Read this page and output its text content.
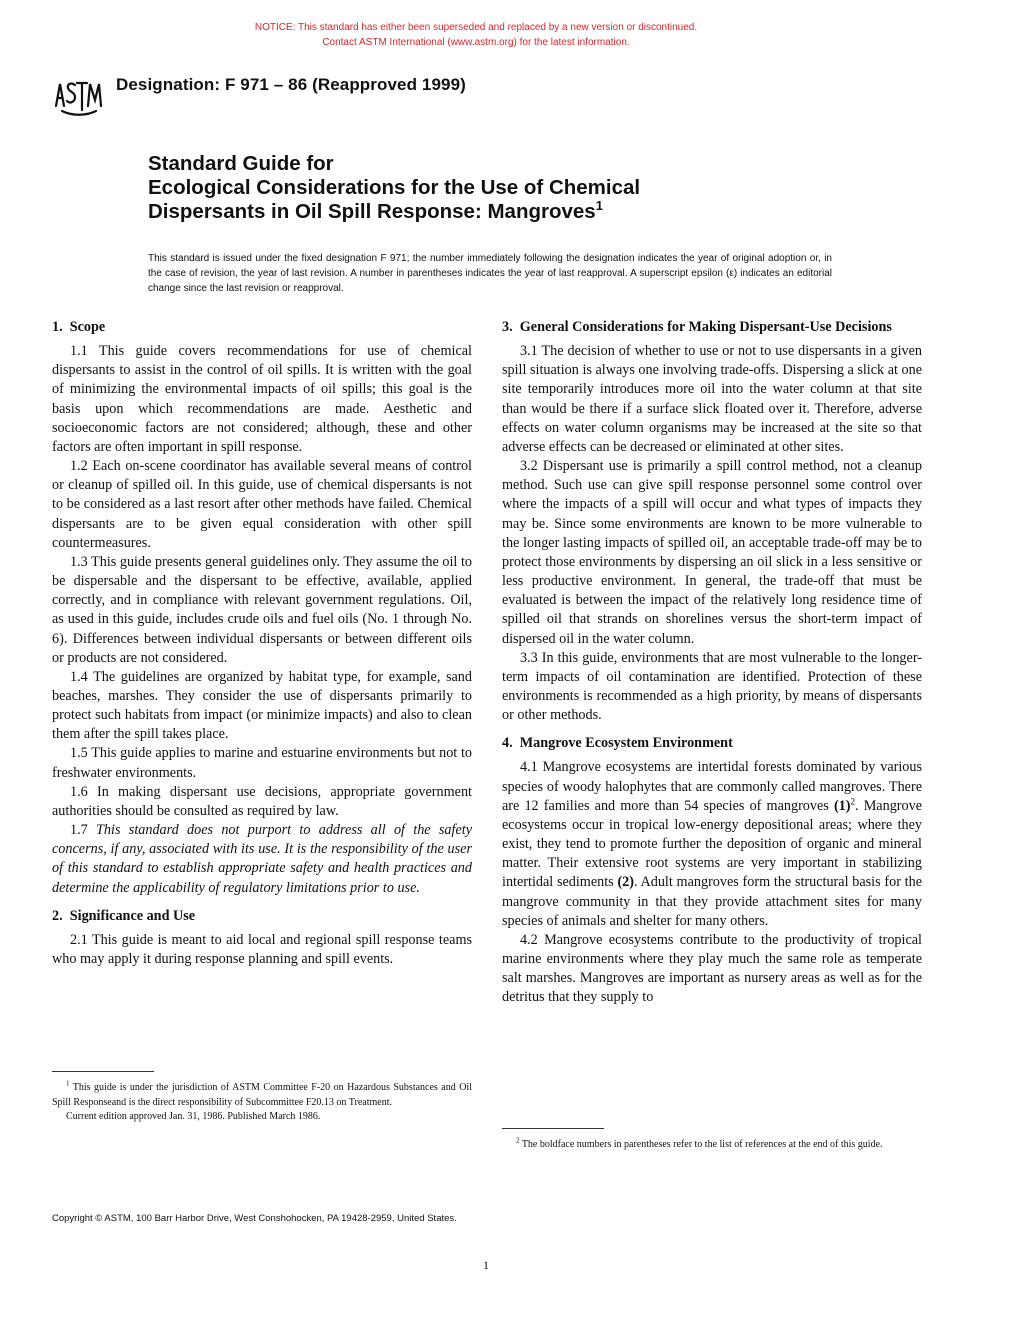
NOTICE: This standard has either been superseded and replaced by a new version or discontinued.
Contact ASTM International (www.astm.org) for the latest information.
Designation: F 971 – 86 (Reapproved 1999)
Standard Guide for
Ecological Considerations for the Use of Chemical
Dispersants in Oil Spill Response: Mangroves$^1$
This standard is issued under the fixed designation F 971; the number immediately following the designation indicates the year of original adoption or, in the case of revision, the year of last revision. A number in parentheses indicates the year of last reapproval. A superscript epsilon (ε) indicates an editorial change since the last revision or reapproval.
1.
Scope

1.1 This guide covers recommendations for use of chemical dispersants to assist in the control of oil spills. It is written with the goal of minimizing the environmental impacts of oil spills; this goal is the basis upon which recommendations are made. Aesthetic and socioeconomic factors are not considered; although, these and other factors are often important in spill response.

1.2 Each on-scene coordinator has available several means of control or cleanup of spilled oil. In this guide, use of chemical dispersants is not to be considered as a last resort after other methods have failed. Chemical dispersants are to be given equal consideration with other spill countermeasures.

1.3 This guide presents general guidelines only. They assume the oil to be dispersable and the dispersant to be effective, available, applied correctly, and in compliance with relevant government regulations. Oil, as used in this guide, includes crude oils and fuel oils (No. 1 through No. 6). Differences between individual dispersants or between different oils or products are not considered.

1.4 The guidelines are organized by habitat type, for example, sand beaches, marshes. They consider the use of dispersants primarily to protect such habitats from impact (or minimize impacts) and also to clean them after the spill takes place.

1.5 This guide applies to marine and estuarine environments but not to freshwater environments.

1.6 In making dispersant use decisions, appropriate government authorities should be consulted as required by law.

1.7 This standard does not purport to address all of the safety concerns, if any, associated with its use. It is the responsibility of the user of this standard to establish appropriate safety and health practices and determine the applicability of regulatory limitations prior to use.

2.
Significance and Use

2.1 This guide is meant to aid local and regional spill response teams who may apply it during response planning and spill events.

3.
General Considerations for Making Dispersant-Use Decisions

3.1 The decision of whether to use or not to use dispersants in a given spill situation is always one involving trade-offs. Dispersing a slick at one site temporarily introduces more oil into the water column at that site than would be there if a surface slick floated over it. Therefore, adverse effects on water column organisms may be increased at the site so that adverse effects can be decreased or eliminated at other sites.

3.2 Dispersant use is primarily a spill control method, not a cleanup method. Such use can give spill response personnel some control over where the impacts of a spill will occur and what types of impacts they may be. Since some environments are known to be more vulnerable to the longer lasting impacts of spilled oil, an acceptable trade-off may be to protect those environments by dispersing an oil slick in a less sensitive or less productive environment. In general, the trade-off that must be evaluated is between the impact of the relatively long residence time of spilled oil that strands on shorelines versus the short-term impact of dispersed oil in the water column.

3.3 In this guide, environments that are most vulnerable to the longer-term impacts of oil contamination are identified. Protection of these environments is recommended as a high priority, by means of dispersants or other methods.

4.
Mangrove Ecosystem Environment

4.1 Mangrove ecosystems are intertidal forests dominated by various species of woody halophytes that are commonly called mangroves. There are 12 families and more than 54 species of mangroves (1)$^2$. Mangrove ecosystems occur in tropical low-energy depositional areas; where they exist, they tend to promote further the deposition of organic and mineral matter. Their extensive root systems are very important in stabilizing intertidal sediments (2). Adult mangroves form the structural basis for the mangrove community in that they provide attachment sites for many species of animals and shelter for many others.

4.2 Mangrove ecosystems contribute to the productivity of tropical marine environments where they play much the same role as temperate salt marshes. Mangroves are important as nursery areas as well as for the detritus that they supply to

$^1$ This guide is under the jurisdiction of ASTM Committee F-20 on Hazardous Substances and Oil Spill Responseand is the direct responsibility of Subcommittee F20.13 on Treatment.
Current edition approved Jan. 31, 1986. Published March 1986.
$^2$ The boldface numbers in parentheses refer to the list of references at the end of this guide.
Copyright © ASTM, 100 Barr Harbor Drive, West Conshohocken, PA 19428-2959, United States.
1
